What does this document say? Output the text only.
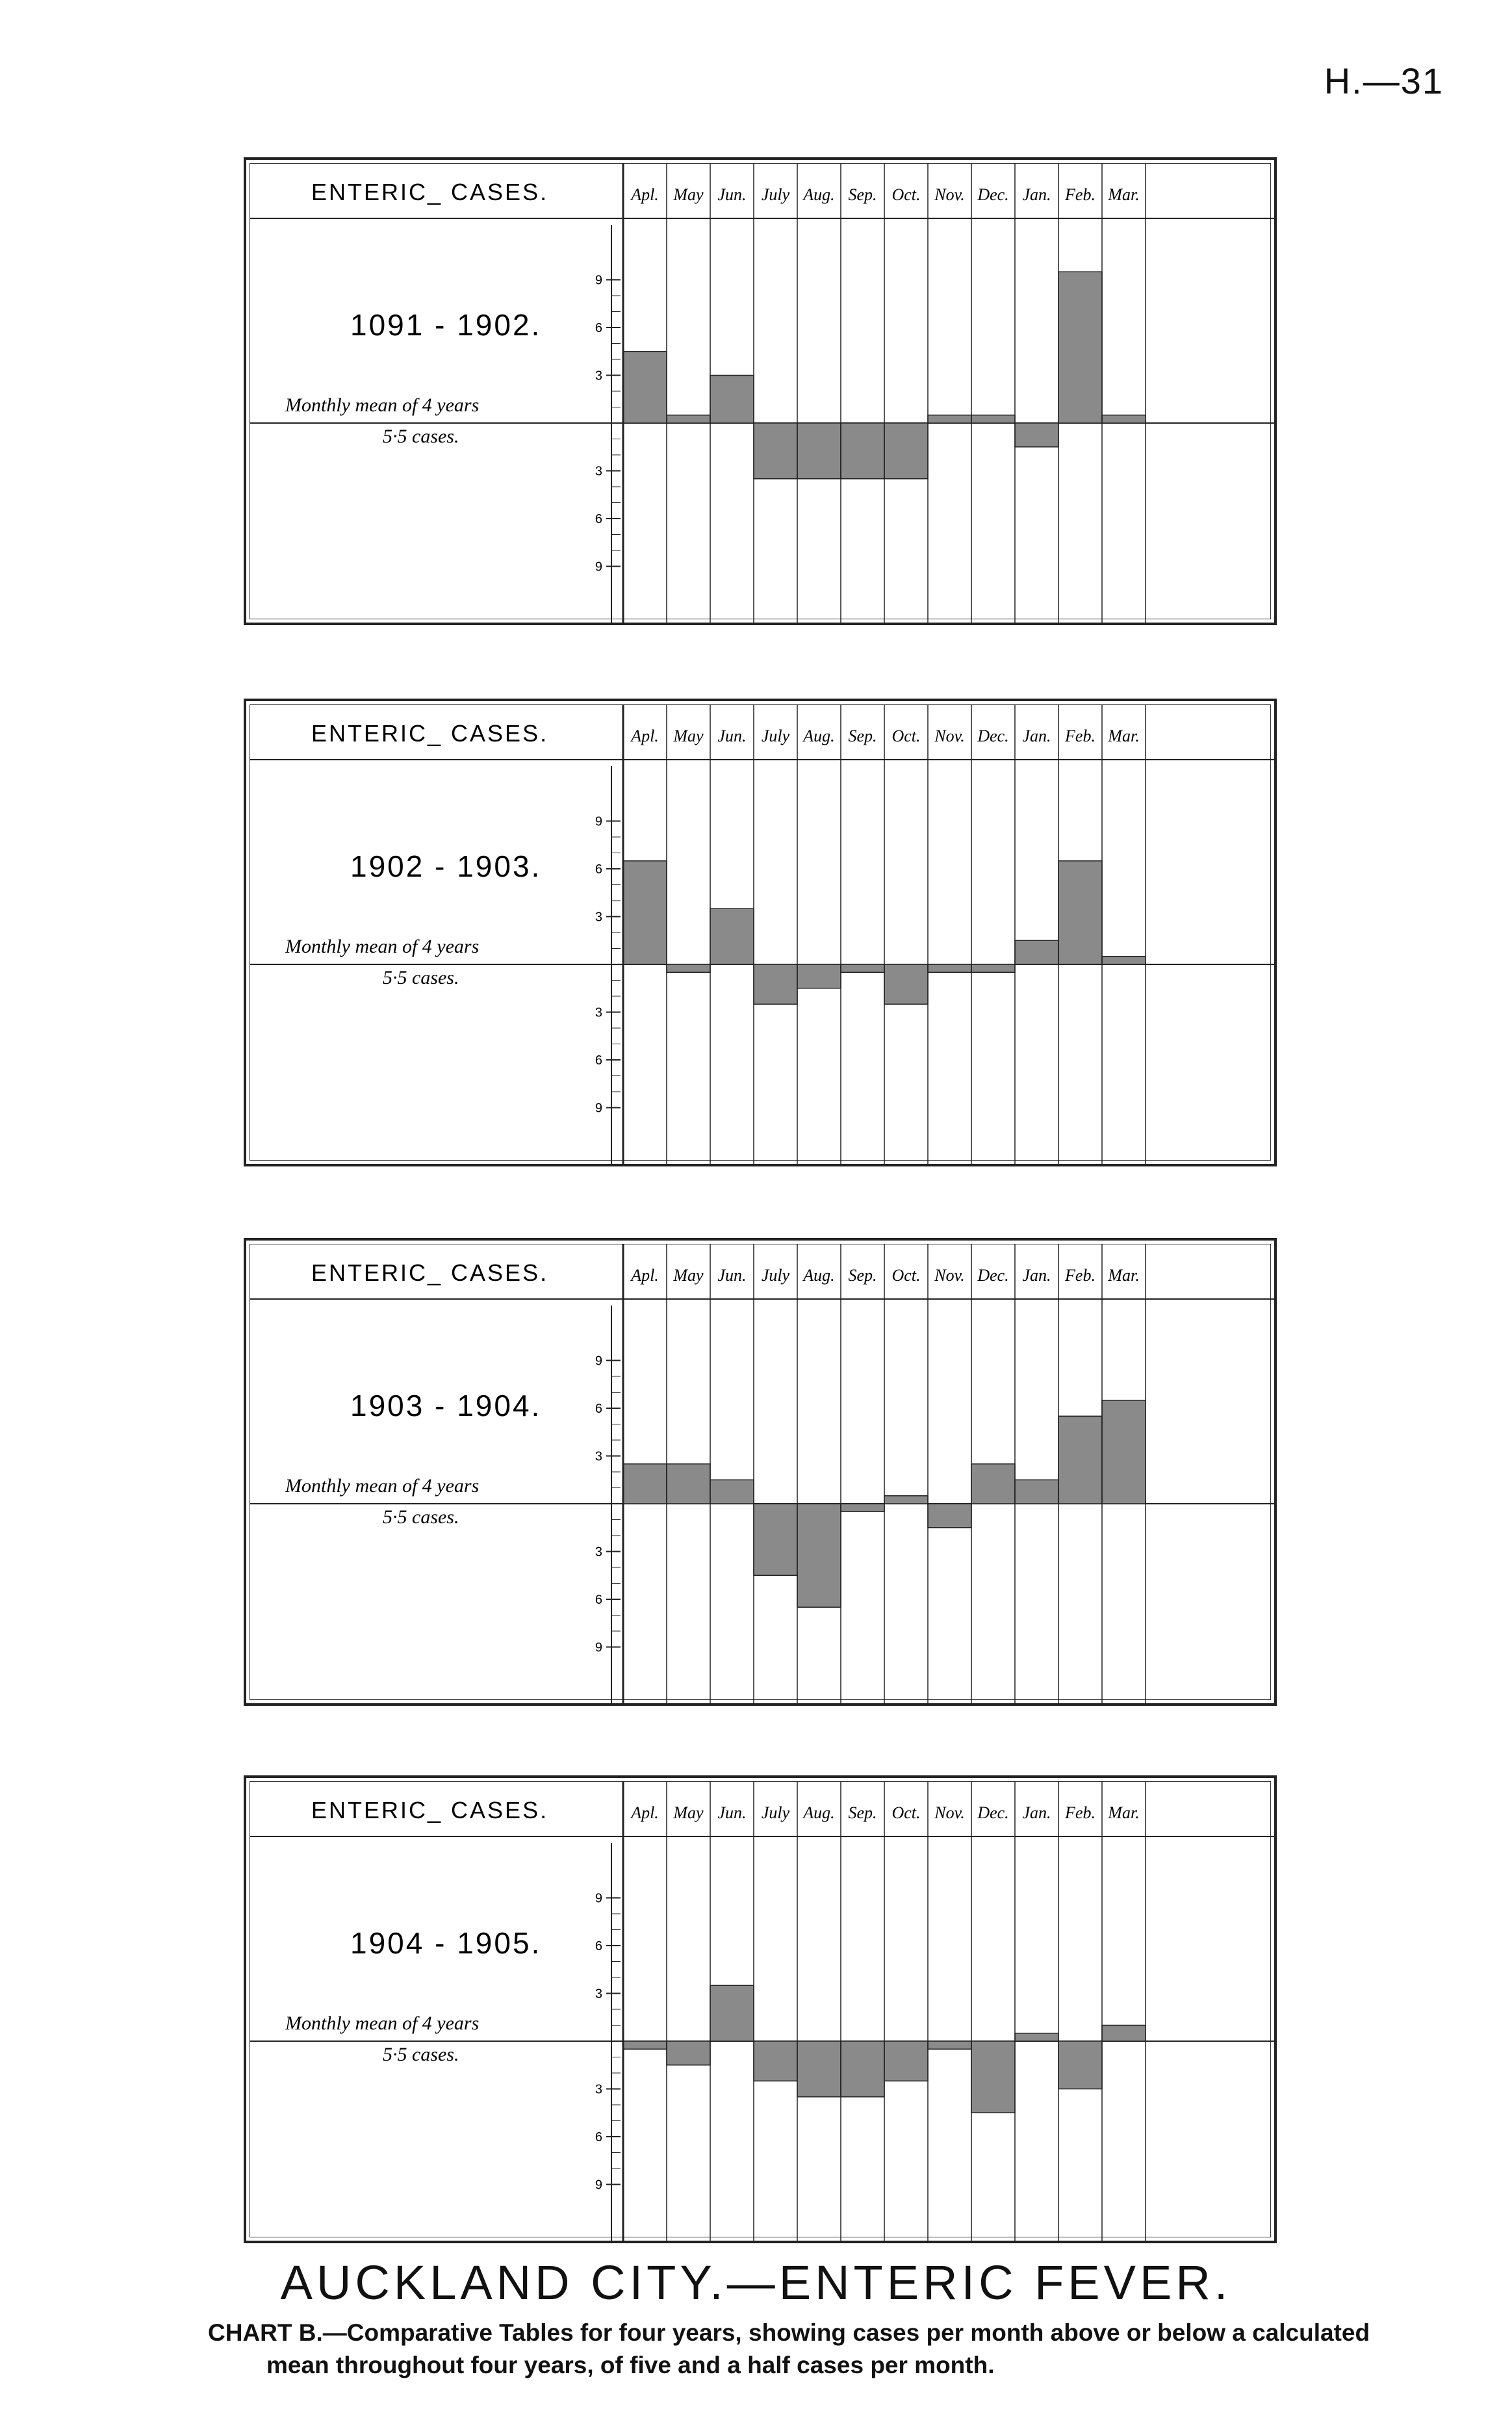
H.—31
ENTERIC_ CASES.
1091 - 1902.
Monthly mean of 4 years
5·5 cases.
9
6
3
3
6
9
Apl. May Jun. July Aug. Sep. Oct. Nov. Dec. Jan. Feb. Mar.
ENTERIC_ CASES.
1902 - 1903.
Monthly mean of 4 years
5·5 cases.
9
6
3
3
6
9
Apl. May Jun. July Aug. Sep. Oct. Nov. Dec. Jan. Feb. Mar.
ENTERIC_ CASES.
1903 - 1904.
Monthly mean of 4 years
5·5 cases.
9
6
3
3
6
9
Apl. May Jun. July Aug. Sep. Oct. Nov. Dec. Jan. Feb. Mar.
ENTERIC_ CASES.
1904 - 1905.
Monthly mean of 4 years
5·5 cases.
9
6
3
3
6
9
Apl. May Jun. July Aug. Sep. Oct. Nov. Dec. Jan. Feb. Mar.
AUCKLAND CITY.—ENTERIC FEVER.
CHART B.—Comparative Tables for four years, showing cases per month above or below a calculated
mean throughout four years, of five and a half cases per month.
